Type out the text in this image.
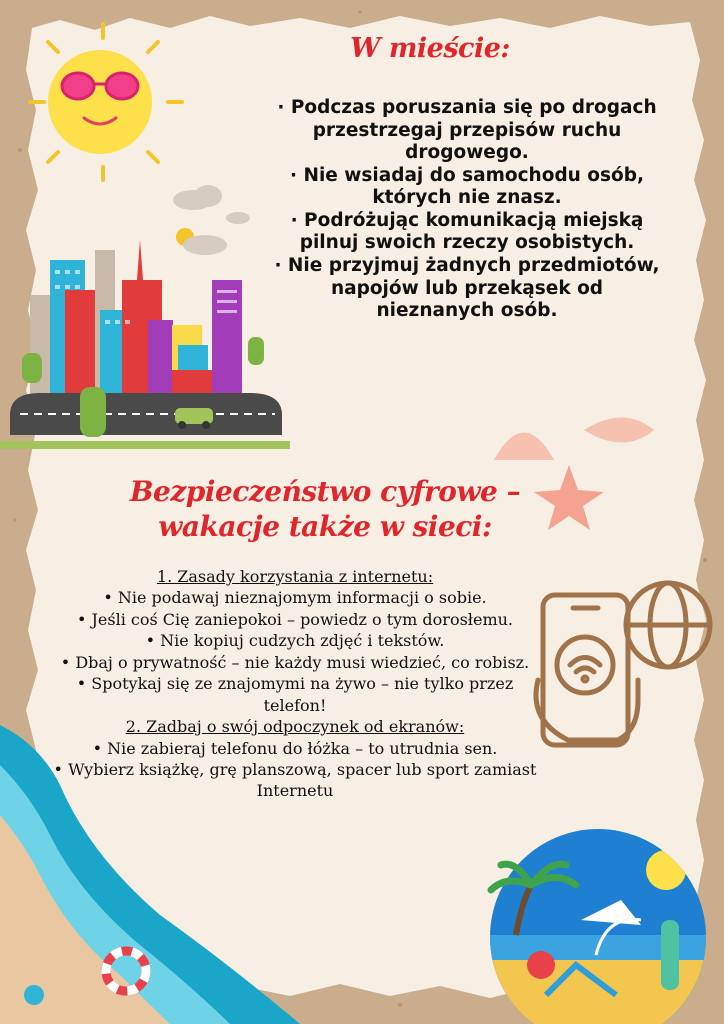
W mieście:

· Podczas poruszania się po drogach przestrzegaj przepisów ruchu drogowego.

· Nie wsiadaj do samochodu osób, których nie znasz.

· Podróżując komunikacją miejską pilnuj swoich rzeczy osobistych.

· Nie przyjmuj żadnych przedmiotów, napojów lub przekąsek od nieznanych osób.

Bezpieczeństwo cyfrowe – wakacje także w sieci:

1. Zasady korzystania z internetu:

• Nie podawaj nieznajomym informacji o sobie.

• Jeśli coś Cię zaniepokoi – powiedz o tym dorosłemu.

• Nie kopiuj cudzych zdjęć i tekstów.

• Dbaj o prywatność – nie każdy musi wiedzieć, co robisz.

• Spotykaj się ze znajomymi na żywo – nie tylko przez telefon!

2. Zadbaj o swój odpoczynek od ekranów:

• Nie zabieraj telefonu do łóżka – to utrudnia sen.

• Wybierz książkę, grę planszową, spacer lub sport zamiast Internetu
